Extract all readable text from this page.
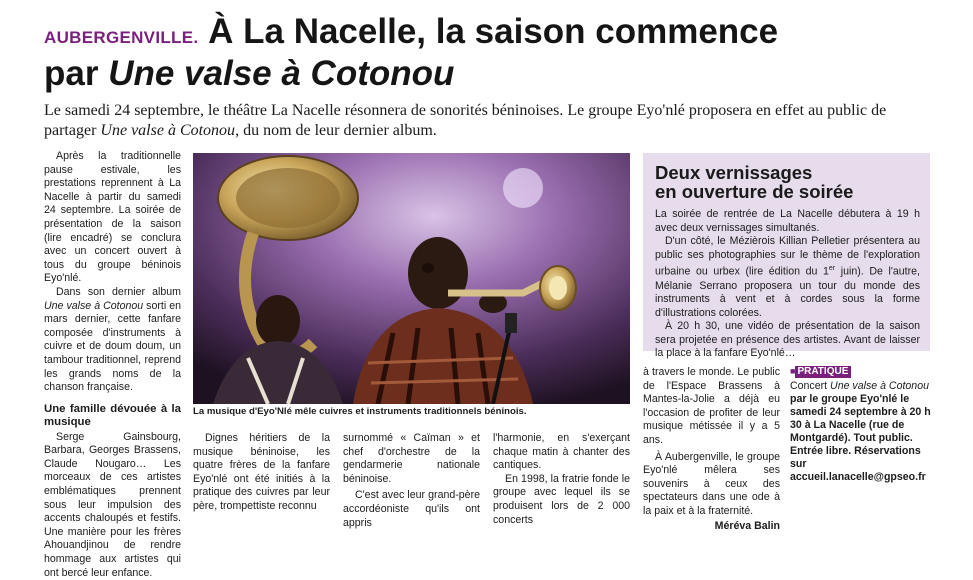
AUBERGENVILLE. À La Nacelle, la saison commence
par Une valse à Cotonou
Le samedi 24 septembre, le théâtre La Nacelle résonnera de sonorités béninoises. Le groupe Eyo'nlé proposera en effet au public de partager Une valse à Cotonou, du nom de leur dernier album.

Après la traditionnelle pause estivale, les prestations reprennent à La Nacelle à partir du samedi 24 septembre. La soirée de présentation de la saison (lire encadré) se conclura avec un concert ouvert à tous du groupe béninois Eyo'nlé.

Dans son dernier album Une valse à Cotonou sorti en mars dernier, cette fanfare composée d'instruments à cuivre et de doum doum, un tambour traditionnel, reprend les grands noms de la chanson française.

Une famille dévouée à la musique

Serge Gainsbourg, Barbara, Georges Brassens, Claude Nougaro… Les morceaux de ces artistes emblématiques prennent sous leur impulsion des accents chaloupés et festifs. Une manière pour les frères Ahouandjinou de rendre hommage aux artistes qui ont bercé leur enfance.

La musique d'Eyo'Nlé mêle cuivres et instruments traditionnels béninois.

Dignes héritiers de la musique béninoise, les quatre frères de la fanfare Eyo'nlé ont été initiés à la pratique des cuivres par leur père, trompettiste reconnu

surnommé « Caïman » et chef d'orchestre de la gendarmerie nationale béninoise.

C'est avec leur grand-père accordéoniste qu'ils ont appris

l'harmonie, en s'exerçant chaque matin à chanter des cantiques.

En 1998, la fratrie fonde le groupe avec lequel ils se produisent lors de 2 000 concerts

Deux vernissages
en ouverture de soirée

La soirée de rentrée de La Nacelle débutera à 19 h avec deux vernissages simultanés.

D'un côté, le Mézièrois Killian Pelletier présentera au public ses photographies sur le thème de l'exploration urbaine ou urbex (lire édition du 1er juin). De l'autre, Mélanie Serrano proposera un tour du monde des instruments à vent et à cordes sous la forme d'illustrations colorées.

À 20 h 30, une vidéo de présentation de la saison sera projetée en présence des artistes. Avant de laisser la place à la fanfare Eyo'nlé…

à travers le monde. Le public de l'Espace Brassens à Mantes-la-Jolie a déjà eu l'occasion de profiter de leur musique métissée il y a 5 ans.

À Aubergenville, le groupe Eyo'nlé mêlera ses souvenirs à ceux des spectateurs dans une ode à la paix et à la fraternité.

Méréva Balin
■ PRATIQUE
Concert Une valse à Cotonou par le groupe Eyo'nlé le samedi 24 septembre à 20 h 30 à La Nacelle (rue de Montgardé). Tout public. Entrée libre. Réservations sur accueil.lanacelle@gpseo.fr
